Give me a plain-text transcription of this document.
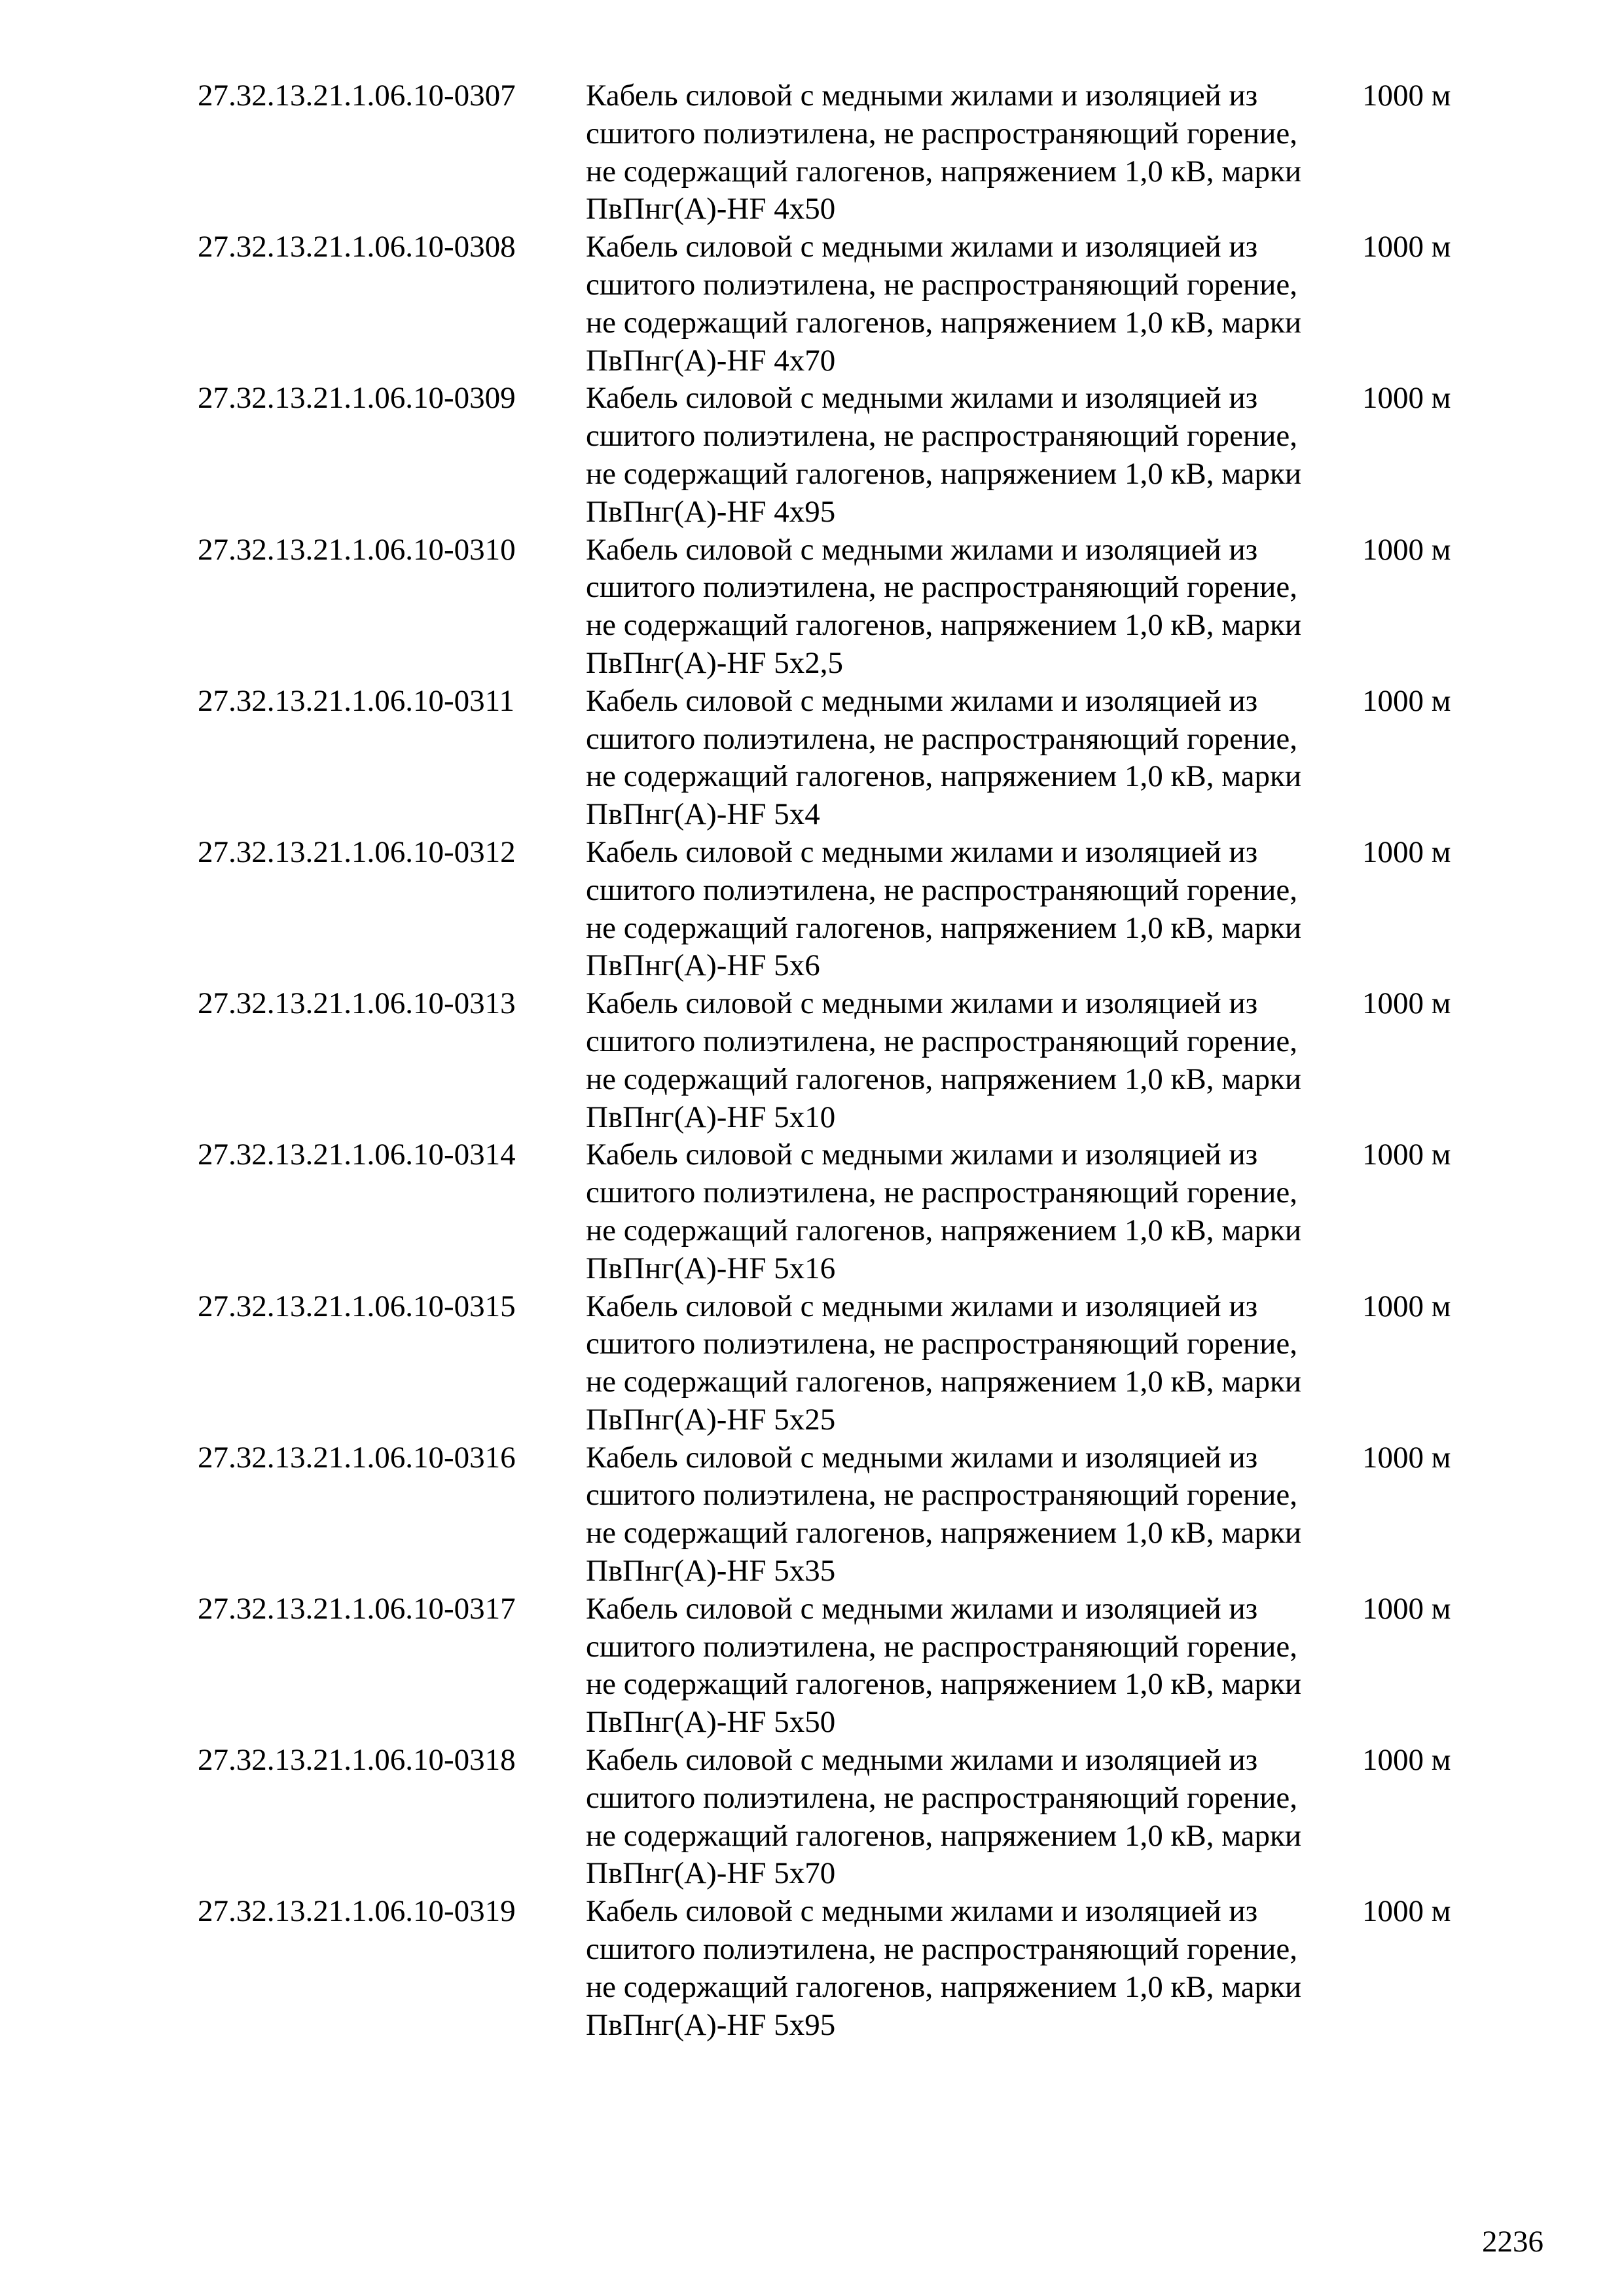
27.32.13.21.1.06.10-0307	Кабель силовой с медными жилами и изоляцией из
сшитого полиэтилена, не распространяющий горение,
не содержащий галогенов, напряжением 1,0 кВ, марки
ПвПнг(А)-HF 4x50
1000 м
27.32.13.21.1.06.10-0308	Кабель силовой с медными жилами и изоляцией из
сшитого полиэтилена, не распространяющий горение,
не содержащий галогенов, напряжением 1,0 кВ, марки
ПвПнг(А)-HF 4x70
1000 м
27.32.13.21.1.06.10-0309	Кабель силовой с медными жилами и изоляцией из
сшитого полиэтилена, не распространяющий горение,
не содержащий галогенов, напряжением 1,0 кВ, марки
ПвПнг(А)-HF 4x95
1000 м
27.32.13.21.1.06.10-0310	Кабель силовой с медными жилами и изоляцией из
сшитого полиэтилена, не распространяющий горение,
не содержащий галогенов, напряжением 1,0 кВ, марки
ПвПнг(А)-HF 5x2,5
1000 м
27.32.13.21.1.06.10-0311	Кабель силовой с медными жилами и изоляцией из
сшитого полиэтилена, не распространяющий горение,
не содержащий галогенов, напряжением 1,0 кВ, марки
ПвПнг(А)-HF 5x4
1000 м
27.32.13.21.1.06.10-0312	Кабель силовой с медными жилами и изоляцией из
сшитого полиэтилена, не распространяющий горение,
не содержащий галогенов, напряжением 1,0 кВ, марки
ПвПнг(А)-HF 5x6
1000 м
27.32.13.21.1.06.10-0313	Кабель силовой с медными жилами и изоляцией из
сшитого полиэтилена, не распространяющий горение,
не содержащий галогенов, напряжением 1,0 кВ, марки
ПвПнг(А)-HF 5x10
1000 м
27.32.13.21.1.06.10-0314	Кабель силовой с медными жилами и изоляцией из
сшитого полиэтилена, не распространяющий горение,
не содержащий галогенов, напряжением 1,0 кВ, марки
ПвПнг(А)-HF 5x16
1000 м
27.32.13.21.1.06.10-0315	Кабель силовой с медными жилами и изоляцией из
сшитого полиэтилена, не распространяющий горение,
не содержащий галогенов, напряжением 1,0 кВ, марки
ПвПнг(А)-HF 5x25
1000 м
27.32.13.21.1.06.10-0316	Кабель силовой с медными жилами и изоляцией из
сшитого полиэтилена, не распространяющий горение,
не содержащий галогенов, напряжением 1,0 кВ, марки
ПвПнг(А)-HF 5x35
1000 м
27.32.13.21.1.06.10-0317	Кабель силовой с медными жилами и изоляцией из
сшитого полиэтилена, не распространяющий горение,
не содержащий галогенов, напряжением 1,0 кВ, марки
ПвПнг(А)-HF 5x50
1000 м
27.32.13.21.1.06.10-0318	Кабель силовой с медными жилами и изоляцией из
сшитого полиэтилена, не распространяющий горение,
не содержащий галогенов, напряжением 1,0 кВ, марки
ПвПнг(А)-HF 5x70
1000 м
27.32.13.21.1.06.10-0319	Кабель силовой с медными жилами и изоляцией из
сшитого полиэтилена, не распространяющий горение,
не содержащий галогенов, напряжением 1,0 кВ, марки
ПвПнг(А)-HF 5x95
1000 м
2236
